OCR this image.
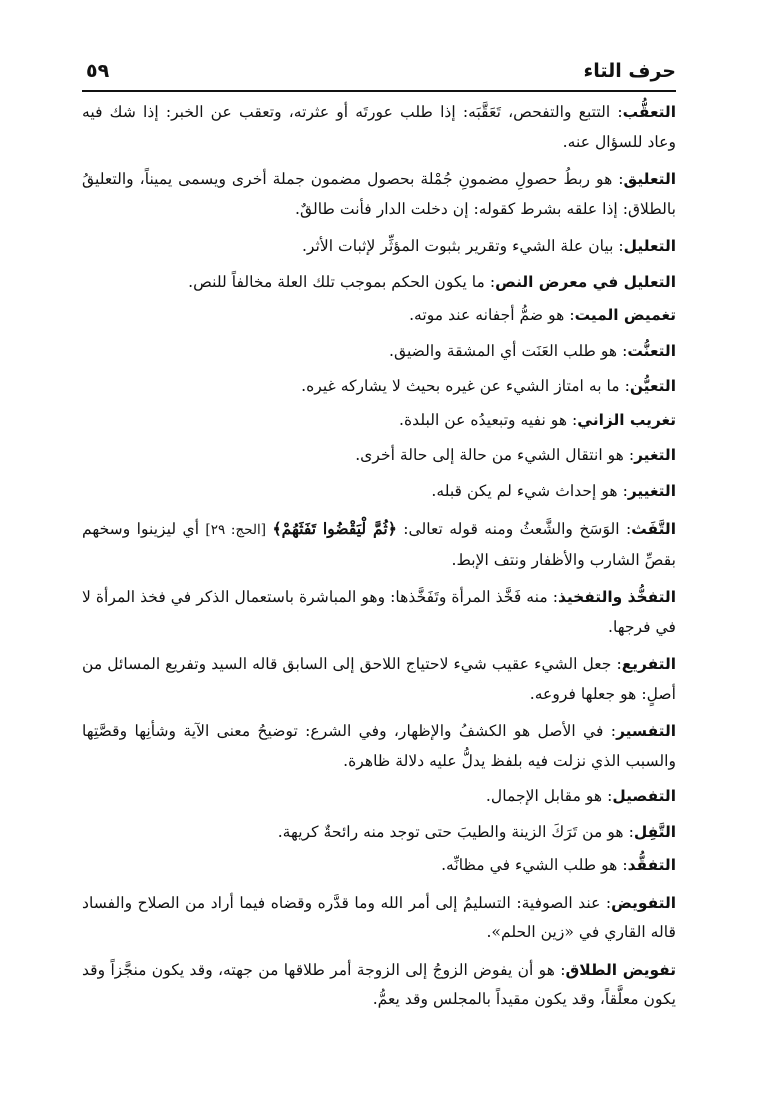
حرف التاء
٥٩

التعقُّب: التتبع والتفحص، تَعَقَّبَه: إذا طلب عورتَه أو عثرته، وتعقب عن الخبر: إذا شك فيه وعاد للسؤال عنه.

التعليق: هو ربطُ حصولِ مضمونِ جُمْلة بحصول مضمون جملة أخرى ويسمى يميناً، والتعليقُ بالطلاق: إذا علقه بشرط كقوله: إن دخلت الدار فأنت طالقٌ.

التعليل: بيان علة الشيء وتقرير بثبوت المؤثِّر لإثبات الأثر.

التعليل في معرض النص: ما يكون الحكم بموجب تلك العلة مخالفاً للنص.

تغميض الميت: هو ضمُّ أجفانه عند موته.

التعنُّت: هو طلب العَنَت أي المشقة والضيق.

التعيُّن: ما به امتاز الشيء عن غيره بحيث لا يشاركه غيره.

تغريب الزاني: هو نفيه وتبعيدُه عن البلدة.

التغير: هو انتقال الشيء من حالة إلى حالة أخرى.

التغيير: هو إحداث شيء لم يكن قبله.

التَّفَث: الوَسَخ والشَّعثُ ومنه قوله تعالى: ﴿ثُمَّ لْيَقْضُوا تَفَثَهُمْ﴾ [الحج: ٢٩] أي ليزينوا وسخهم بقصِّ الشارب والأظفار ونتف الإبط.

التفخُّذ والتفخيذ: منه فَخَّذ المرأة وتَفَخَّذها: وهو المباشرة باستعمال الذكر في فخذ المرأة لا في فرجها.

التفريع: جعل الشيء عقيب شيء لاحتياج اللاحق إلى السابق قاله السيد وتفريع المسائل من أصلٍ: هو جعلها فروعه.

التفسير: في الأصل هو الكشفُ والإظهار، وفي الشرع: توضيحُ معنى الآية وشأنِها وقصَّتِها والسبب الذي نزلت فيه بلفظ يدلُّ عليه دلالة ظاهرة.

التفصيل: هو مقابل الإجمال.

التَّفِل: هو من تَرَكَ الزينة والطيبَ حتى توجد منه رائحةٌ كريهة.

التفقُّد: هو طلب الشيء في مظانِّه.

التفويض: عند الصوفية: التسليمُ إلى أمر الله وما قدَّره وقضاه فيما أراد من الصلاح والفساد قاله القاري في «زين الحلم».

تفويض الطلاق: هو أن يفوض الزوجُ إلى الزوجة أمر طلاقها من جهته، وقد يكون منجَّزاً وقد يكون معلَّقاً، وقد يكون مقيداً بالمجلس وقد يعمُّ.
